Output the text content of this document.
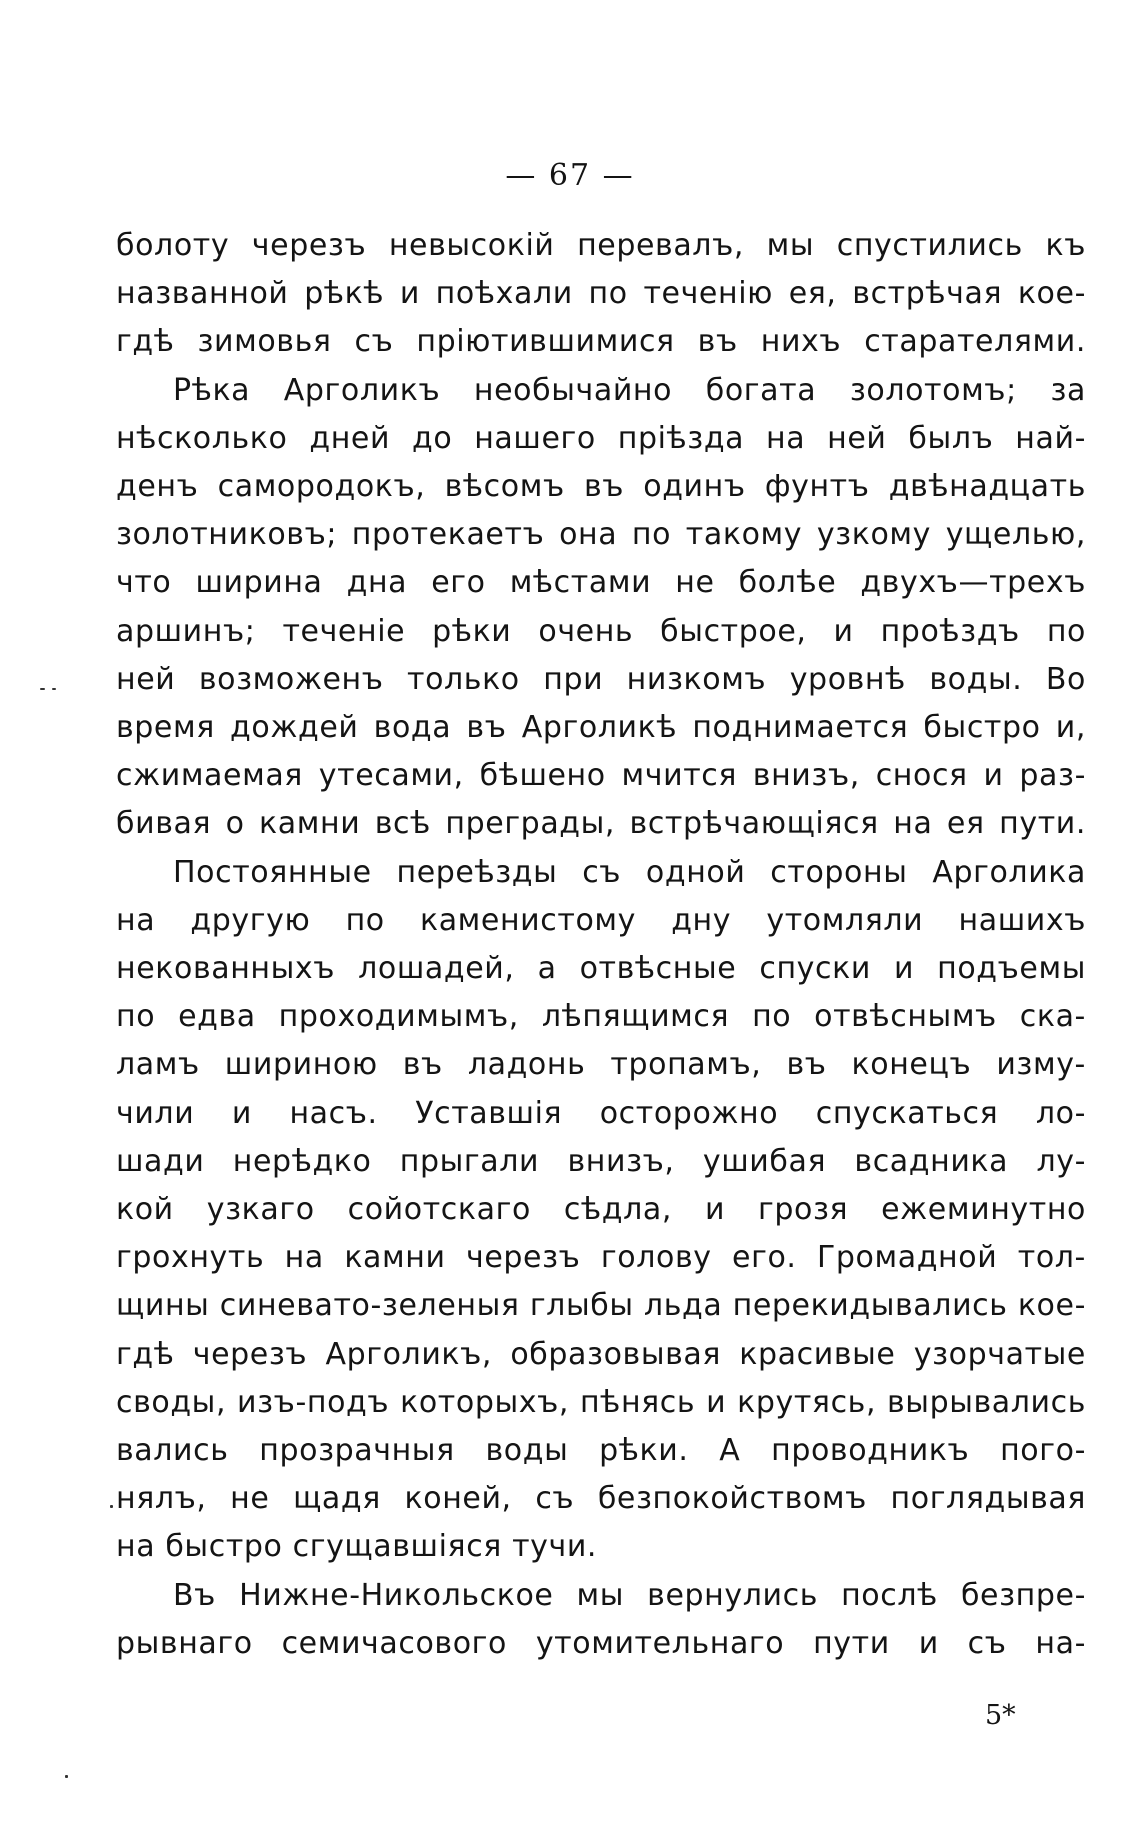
— 67 —

болоту черезъ невысокій перевалъ, мы спустились къ
названной рѣкѣ и поѣхали по теченію ея, встрѣчая кое-
гдѣ зимовья съ пріютившимися въ нихъ старателями.

Рѣка Арголикъ необычайно богата золотомъ; за
нѣсколько дней до нашего пріѣзда на ней былъ най-
денъ самородокъ, вѣсомъ въ одинъ фунтъ двѣнадцать
золотниковъ; протекаетъ она по такому узкому ущелью,
что ширина дна его мѣстами не болѣе двухъ—трехъ
аршинъ; теченіе рѣки очень быстрое, и проѣздъ по
ней возможенъ только при низкомъ уровнѣ воды. Во
время дождей вода въ Арголикѣ поднимается быстро и,
сжимаемая утесами, бѣшено мчится внизъ, снося и раз-
бивая о камни всѣ преграды, встрѣчающіяся на ея пути.

Постоянные переѣзды съ одной стороны Арголика
на другую по каменистому дну утомляли нашихъ
некованныхъ лошадей, а отвѣсные спуски и подъемы
по едва проходимымъ, лѣпящимся по отвѣснымъ ска-
ламъ шириною въ ладонь тропамъ, въ конецъ изму-
чили и насъ. Уставшія осторожно спускаться ло-
шади нерѣдко прыгали внизъ, ушибая всадника лу-
кой узкаго сойотскаго сѣдла, и грозя ежеминутно
грохнуть на камни черезъ голову его. Громадной тол-
щины синевато-зеленыя глыбы льда перекидывались кое-
гдѣ черезъ Арголикъ, образовывая красивые узорчатые
своды, изъ-подъ которыхъ, пѣнясь и крутясь, вырывались
вались прозрачныя воды рѣки. А проводникъ пого-
нялъ, не щадя коней, съ безпокойствомъ поглядывая
на быстро сгущавшіяся тучи.

Въ Нижне-Никольское мы вернулись послѣ безпре-
рывнаго семичасового утомительнаго пути и съ на-

5*
